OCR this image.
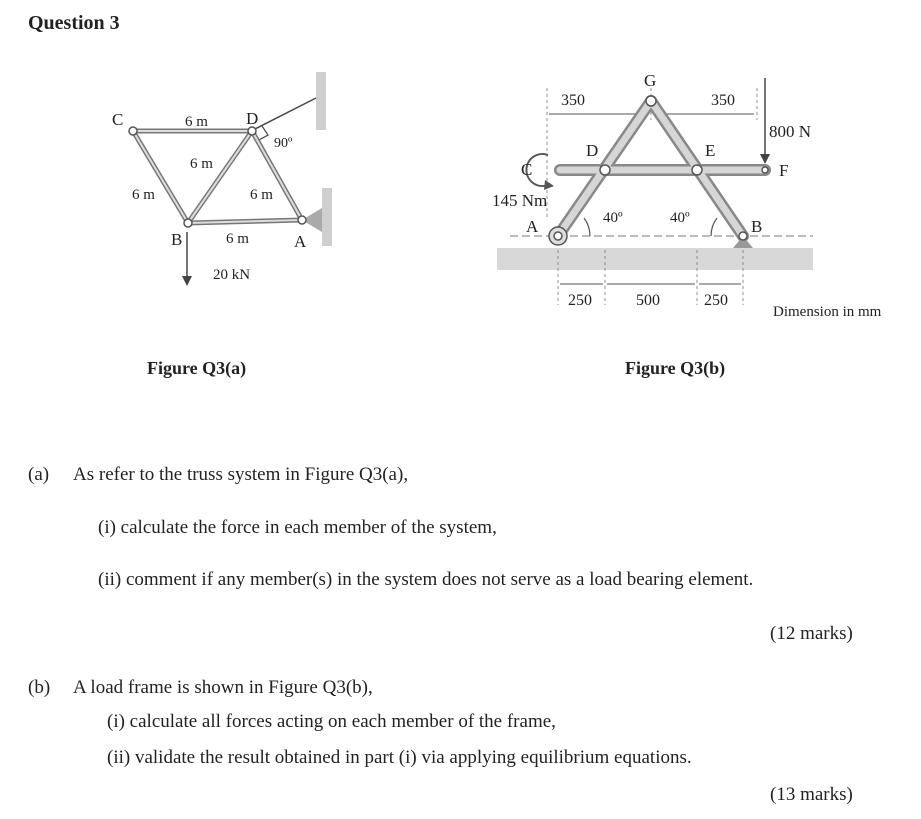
Question 3
C	D
B	A
6 m
6 m
6 m	6 m
6 m
90º
20 kN
G
D	E
C	F
A	B
350	350
800 N
145 Nm
40º	40º
250	500	250
Dimension in mm
Figure Q3(a)	Figure Q3(b)
(a) As refer to the truss system in Figure Q3(a),
(i) calculate the force in each member of the system,
(ii) comment if any member(s) in the system does not serve as a load bearing element.
(12 marks)
(b) A load frame is shown in Figure Q3(b),
(i) calculate all forces acting on each member of the frame,
(ii) validate the result obtained in part (i) via applying equilibrium equations.
(13 marks)
